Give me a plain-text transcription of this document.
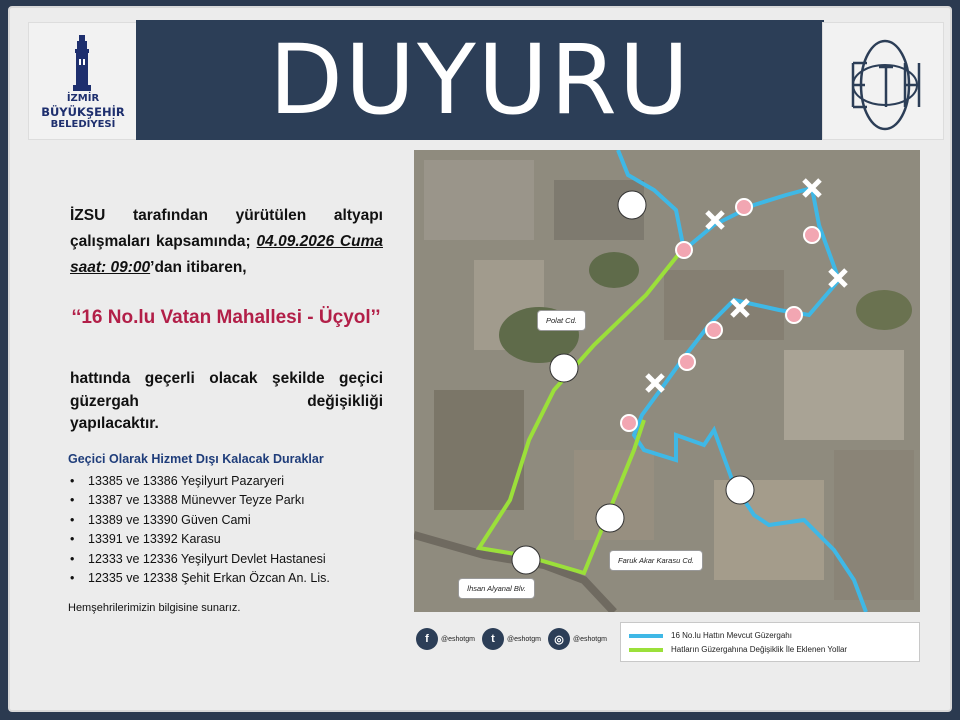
İZMİR
BÜYÜKŞEHİR
BELEDİYESİ	DUYURU
İZSU tarafından yürütülen altyapı çalışmaları kapsamında; 04.09.2026 Cuma saat: 09:00’dan itibaren,
‘‘16 No.lu Vatan Mahallesi - Üçyol’’
hattında geçerli olacak şekilde geçici güzergah değişikliği
yapılacaktır.
Geçici Olarak Hizmet Dışı Kalacak Duraklar
• 13385 ve 13386 Yeşilyurt Pazaryeri
• 13387 ve 13388 Münevver Teyze Parkı
• 13389 ve 13390 Güven Cami
• 13391 ve 13392 Karasu
• 12333 ve 12336 Yeşilyurt Devlet Hastanesi
• 12335 ve 12338 Şehit Erkan Özcan An. Lis.
Hemşehrilerimizin bilgisine sunarız.
Polat Cd.
Faruk Akar Karasu Cd.
İhsan Alyanal Blv.
f	@eshotgm	t	@eshotgm	◎	@eshotgm	16 No.lu Hattın Mevcut Güzergahı
Hatların Güzergahına Değişiklik İle Eklenen Yollar
